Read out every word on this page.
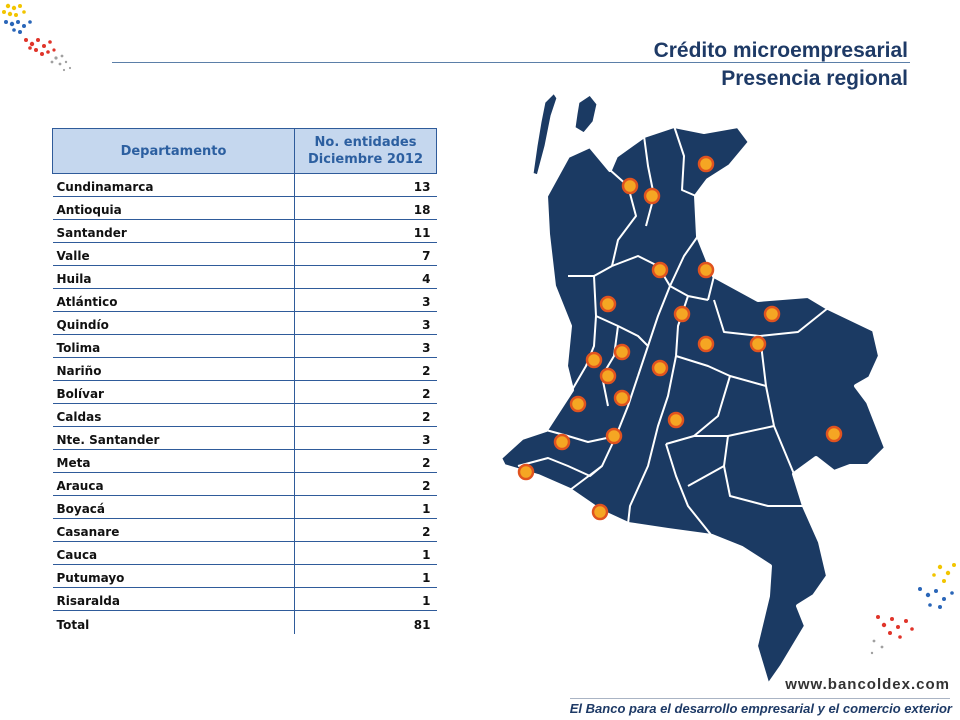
Crédito microempresarial
Presencia regional
Departamento	No. entidades
Diciembre 2012
Cundinamarca	13
Antioquia	18
Santander	11
Valle	7
Huila	4
Atlántico	3
Quindío	3
Tolima	3
Nariño	2
Bolívar	2
Caldas	2
Nte. Santander	3
Meta	2
Arauca	2
Boyacá	1
Casanare	2
Cauca	1
Putumayo	1
Risaralda	1
Total	81
www.bancoldex.com
El Banco para el desarrollo empresarial y el comercio exterior
